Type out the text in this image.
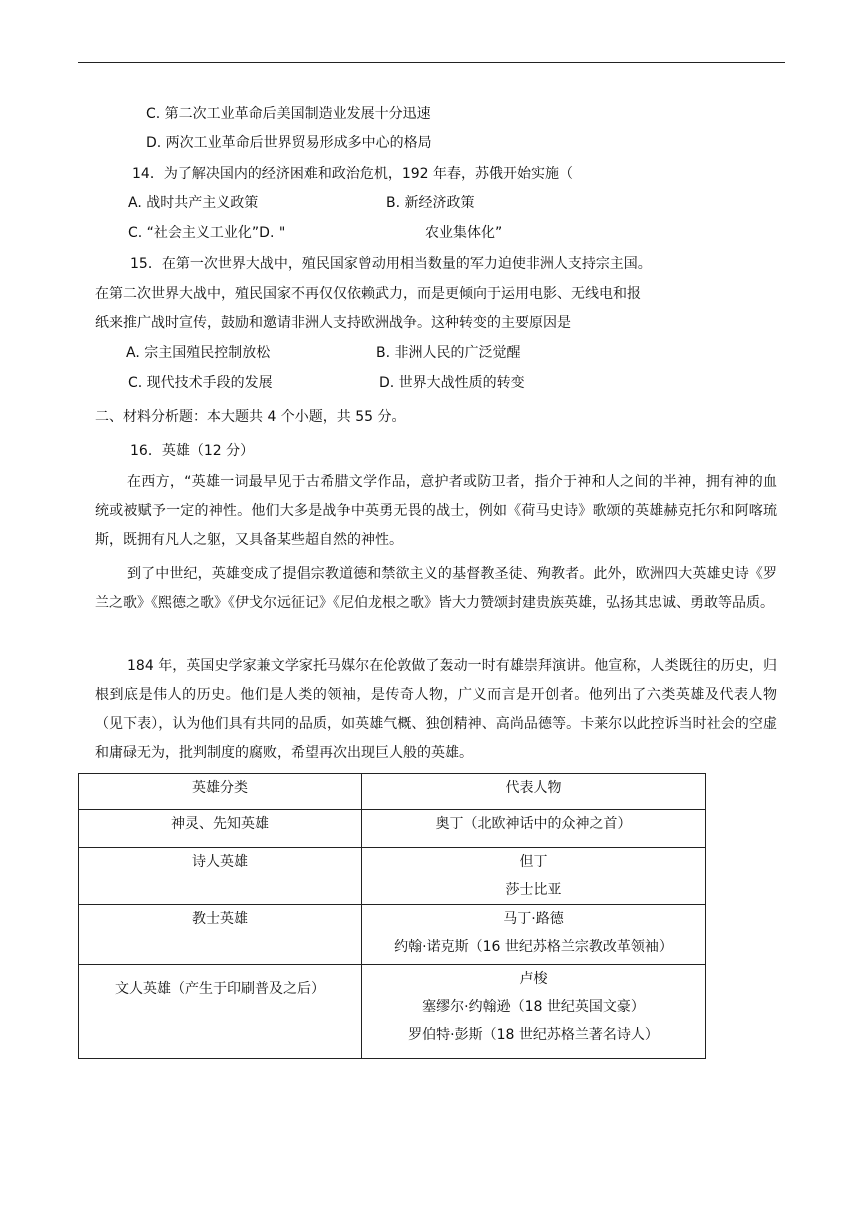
C. 第二次工业革命后美国制造业发展十分迅速
D. 两次工业革命后世界贸易形成多中心的格局
14．为了解决国内的经济困难和政治危机，192 年春，苏俄开始实施（
A. 战时共产主义政策	B. 新经济政策
C. “社会主义工业化”D. "	农业集体化”
15．在第一次世界大战中，殖民国家曾动用相当数量的军力迫使非洲人支持宗主国。
在第二次世界大战中，殖民国家不再仅仅依赖武力，而是更倾向于运用电影、无线电和报
纸来推广战时宣传，鼓励和邀请非洲人支持欧洲战争。这种转变的主要原因是
A. 宗主国殖民控制放松	B. 非洲人民的广泛觉醒
C. 现代技术手段的发展	D. 世界大战性质的转变
二、材料分析题：本大题共 4 个小题，共 55 分。
16．英雄（12 分）
在西方，“英雄一词最早见于古希腊文学作品，意护者或防卫者，指介于神和人之间的半神，拥有神的血统或被赋予一定的神性。他们大多是战争中英勇无畏的战士，例如《荷马史诗》歌颂的英雄赫克托尔和阿喀琉斯，既拥有凡人之躯，又具备某些超自然的神性。
到了中世纪，英雄变成了提倡宗教道德和禁欲主义的基督教圣徒、殉教者。此外，欧洲四大英雄史诗《罗兰之歌》《熙德之歌》《伊戈尔远征记》《尼伯龙根之歌》皆大力赞颂封建贵族英雄，弘扬其忠诚、勇敢等品质。
184 年，英国史学家兼文学家托马媒尔在伦敦做了轰动一时有雄崇拜演讲。他宣称，人类既往的历史，归根到底是伟人的历史。他们是人类的领袖，是传奇人物，广义而言是开创者。他列出了六类英雄及代表人物（见下表），认为他们具有共同的品质，如英雄气概、独创精神、高尚品德等。卡莱尔以此控诉当时社会的空虚和庸碌无为，批判制度的腐败，希望再次出现巨人般的英雄。
英雄分类	代表人物

神灵、先知英雄	奥丁（北欧神话中的众神之首）

诗人英雄	但丁
莎士比亚

教士英雄	马丁·路德
约翰·诺克斯（16 世纪苏格兰宗教改革领袖）

文人英雄（产生于印刷普及之后）	卢梭
塞缪尔·约翰逊（18 世纪英国文豪）
罗伯特·彭斯（18 世纪苏格兰著名诗人）
